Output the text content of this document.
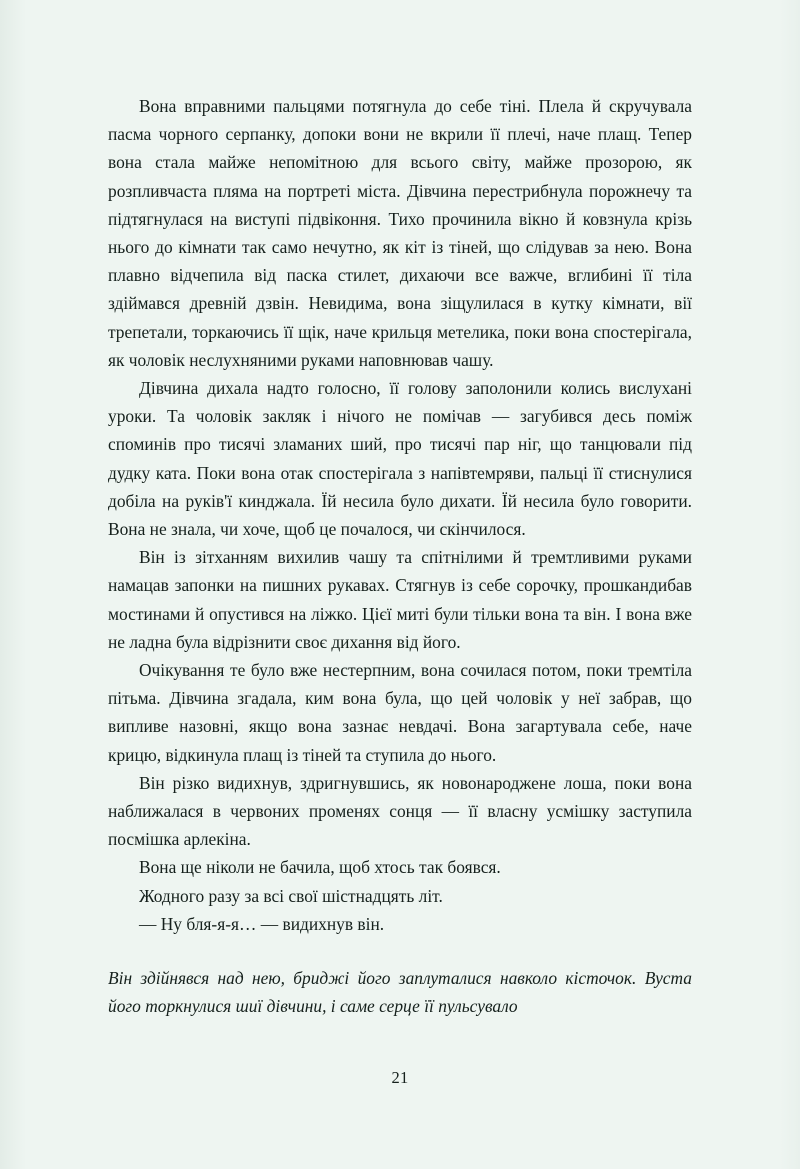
Вона вправними пальцями потягнула до себе тіні. Плела й скручувала пасма чорного серпанку, допоки вони не вкрили її плечі, наче плащ. Тепер вона стала майже непомітною для всього світу, майже прозорою, як розпливчаста пляма на портреті міста. Дівчина перестрибнула порожнечу та підтягнулася на виступі підвіконня. Тихо прочинила вікно й ковзнула крізь нього до кімнати так само нечутно, як кіт із тіней, що слідував за нею. Вона плавно відчепила від паска стилет, дихаючи все важче, вглибині її тіла здіймався древній дзвін. Невидима, вона зіщулилася в кутку кімнати, вії трепетали, торкаючись її щік, наче крильця метелика, поки вона спостерігала, як чоловік неслухняними руками наповнював чашу.

Дівчина дихала надто голосно, її голову заполонили колись вислухані уроки. Та чоловік закляк і нічого не помічав — загубився десь поміж споминів про тисячі зламаних ший, про тисячі пар ніг, що танцювали під дудку ката. Поки вона отак спостерігала з напівтемряви, пальці її стиснулися добіла на руків'ї кинджала. Їй несила було дихати. Їй несила було говорити. Вона не знала, чи хоче, щоб це почалося, чи скінчилося.

Він із зітханням вихилив чашу та спітнілими й тремтливими руками намацав запонки на пишних рукавах. Стягнув із себе сорочку, прошкандибав мостинами й опустився на ліжко. Цієї миті були тільки вона та він. І вона вже не ладна була відрізнити своє дихання від його.

Очікування те було вже нестерпним, вона сочилася потом, поки тремтіла пітьма. Дівчина згадала, ким вона була, що цей чоловік у неї забрав, що випливе назовні, якщо вона зазнає невдачі. Вона загартувала себе, наче крицю, відкинула плащ із тіней та ступила до нього.

Він різко видихнув, здригнувшись, як новонароджене лоша, поки вона наближалася в червоних променях сонця — її власну усмішку заступила посмішка арлекіна.

Вона ще ніколи не бачила, щоб хтось так боявся.

Жодного разу за всі свої шістнадцять літ.

— Ну бля-я-я… — видихнув він.

Він здійнявся над нею, бриджі його заплуталися навколо кісточок. Вуста його торкнулися шиї дівчини, і саме серце її пульсувало

21
